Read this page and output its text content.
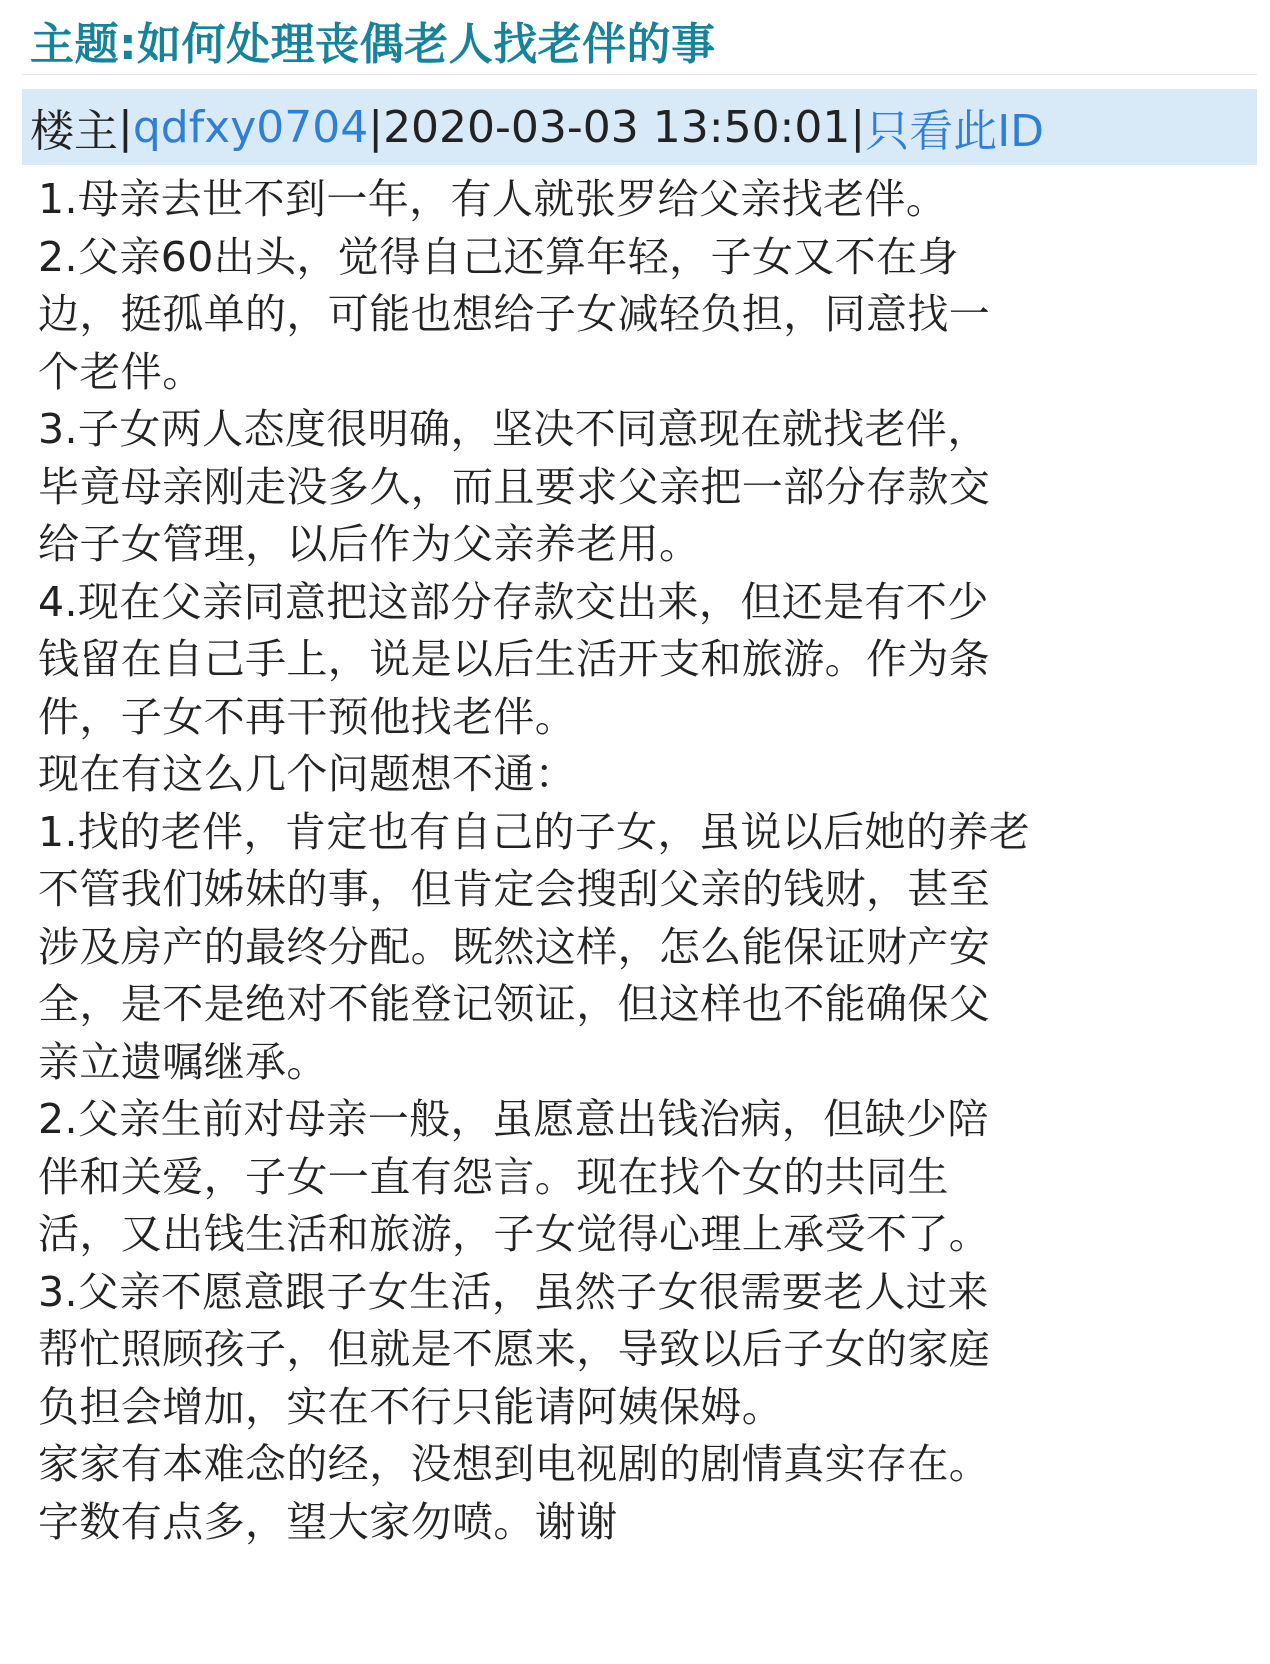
主题:如何处理丧偶老人找老伴的事
楼主 | qdfxy0704 | 2020-03-03 13:50:01 | 只看此ID
1.母亲去世不到一年，有人就张罗给父亲找老伴。
2.父亲60出头，觉得自己还算年轻，子女又不在身
边，挺孤单的，可能也想给子女减轻负担，同意找一
个老伴。
3.子女两人态度很明确，坚决不同意现在就找老伴，
毕竟母亲刚走没多久，而且要求父亲把一部分存款交
给子女管理，以后作为父亲养老用。
4.现在父亲同意把这部分存款交出来，但还是有不少
钱留在自己手上，说是以后生活开支和旅游。作为条
件，子女不再干预他找老伴。
现在有这么几个问题想不通：
1.找的老伴，肯定也有自己的子女，虽说以后她的养老
不管我们姊妹的事，但肯定会搜刮父亲的钱财，甚至
涉及房产的最终分配。既然这样，怎么能保证财产安
全，是不是绝对不能登记领证，但这样也不能确保父
亲立遗嘱继承。
2.父亲生前对母亲一般，虽愿意出钱治病，但缺少陪
伴和关爱，子女一直有怨言。现在找个女的共同生
活，又出钱生活和旅游，子女觉得心理上承受不了。
3.父亲不愿意跟子女生活，虽然子女很需要老人过来
帮忙照顾孩子，但就是不愿来，导致以后子女的家庭
负担会增加，实在不行只能请阿姨保姆。
家家有本难念的经，没想到电视剧的剧情真实存在。
字数有点多，望大家勿喷。谢谢
